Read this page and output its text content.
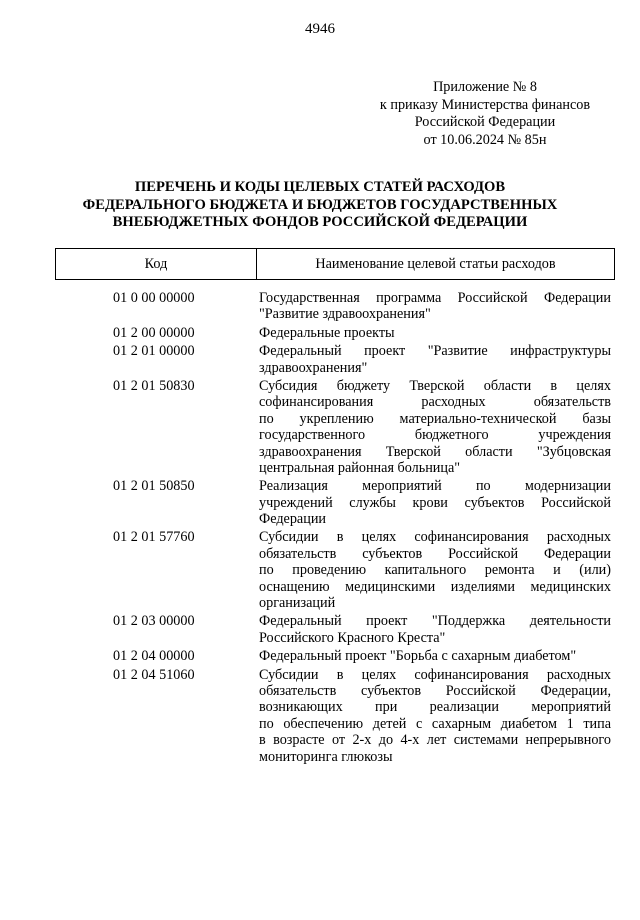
4946
Приложение № 8
к приказу Министерства финансов
Российской Федерации
от 10.06.2024 № 85н
ПЕРЕЧЕНЬ И КОДЫ ЦЕЛЕВЫХ СТАТЕЙ РАСХОДОВ
ФЕДЕРАЛЬНОГО БЮДЖЕТА И БЮДЖЕТОВ ГОСУДАРСТВЕННЫХ
ВНЕБЮДЖЕТНЫХ ФОНДОВ РОССИЙСКОЙ ФЕДЕРАЦИИ
Код	Наименование целевой статьи расходов
01 0 00 00000	Государственная программа Российской Федерации
"Развитие здравоохранения"
01 2 00 00000	Федеральные проекты
01 2 01 00000	Федеральный проект "Развитие инфраструктуры
здравоохранения"
01 2 01 50830	Субсидия бюджету Тверской области в целях
софинансирования расходных обязательств
по укреплению материально-технической базы
государственного бюджетного учреждения
здравоохранения Тверской области "Зубцовская
центральная районная больница"
01 2 01 50850	Реализация мероприятий по модернизации
учреждений службы крови субъектов Российской
Федерации
01 2 01 57760	Субсидии в целях софинансирования расходных
обязательств субъектов Российской Федерации
по проведению капитального ремонта и (или)
оснащению медицинскими изделиями медицинских
организаций
01 2 03 00000	Федеральный проект "Поддержка деятельности
Российского Красного Креста"
01 2 04 00000	Федеральный проект "Борьба с сахарным диабетом"
01 2 04 51060	Субсидии в целях софинансирования расходных
обязательств субъектов Российской Федерации,
возникающих при реализации мероприятий
по обеспечению детей с сахарным диабетом 1 типа
в возрасте от 2-х до 4-х лет системами непрерывного
мониторинга глюкозы
